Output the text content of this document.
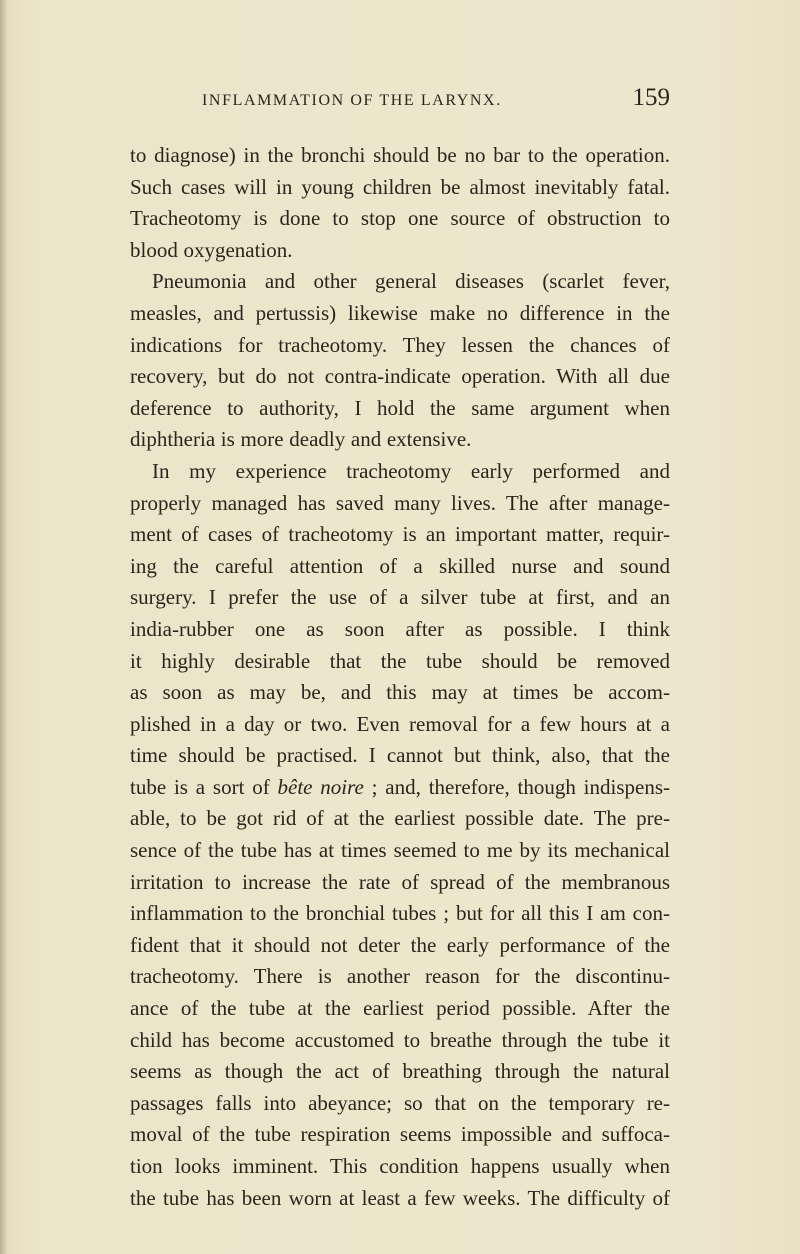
INFLAMMATION OF THE LARYNX.	159
to diagnose) in the bronchi should be no bar to the operation.
Such cases will in young children be almost inevitably fatal.
Tracheotomy is done to stop one source of obstruction to
blood oxygenation.
Pneumonia and other general diseases (scarlet fever,
measles, and pertussis) likewise make no difference in the
indications for tracheotomy. They lessen the chances of
recovery, but do not contra-indicate operation. With all due
deference to authority, I hold the same argument when
diphtheria is more deadly and extensive.
In my experience tracheotomy early performed and
properly managed has saved many lives. The after manage-
ment of cases of tracheotomy is an important matter, requir-
ing the careful attention of a skilled nurse and sound
surgery. I prefer the use of a silver tube at first, and an
india-rubber one as soon after as possible. I think
it highly desirable that the tube should be removed
as soon as may be, and this may at times be accom-
plished in a day or two. Even removal for a few hours at a
time should be practised. I cannot but think, also, that the
tube is a sort of bête noire ; and, therefore, though indispens-
able, to be got rid of at the earliest possible date. The pre-
sence of the tube has at times seemed to me by its mechanical
irritation to increase the rate of spread of the membranous
inflammation to the bronchial tubes ; but for all this I am con-
fident that it should not deter the early performance of the
tracheotomy. There is another reason for the discontinu-
ance of the tube at the earliest period possible. After the
child has become accustomed to breathe through the tube it
seems as though the act of breathing through the natural
passages falls into abeyance; so that on the temporary re-
moval of the tube respiration seems impossible and suffoca-
tion looks imminent. This condition happens usually when
the tube has been worn at least a few weeks. The difficulty of
